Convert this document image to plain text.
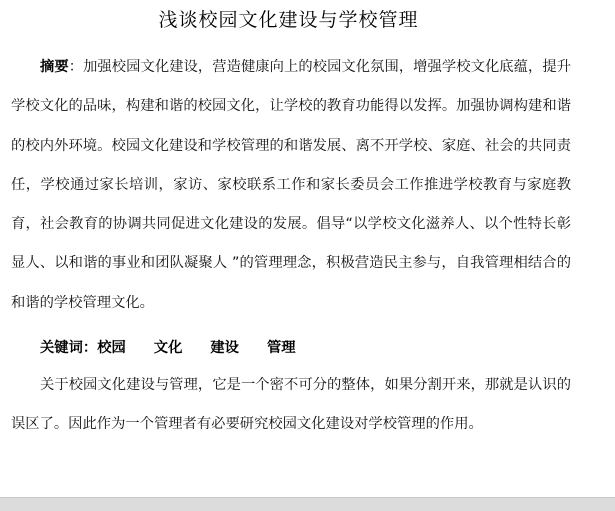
浅谈校园文化建设与学校管理

摘要：加强校园文化建设，营造健康向上的校园文化氛围，增强学校文化底蕴，提升学校文化的品味，构建和谐的校园文化，让学校的教育功能得以发挥。加强协调构建和谐的校内外环境。校园文化建设和学校管理的和谐发展、离不开学校、家庭、社会的共同责任，学校通过家长培训，家访、家校联系工作和家长委员会工作推进学校教育与家庭教育，社会教育的协调共同促进文化建设的发展。倡导“以学校文化滋养人、以个性特长彰显人、以和谐的事业和团队凝聚人 ”的管理理念，积极营造民主参与，自我管理相结合的和谐的学校管理文化。

关键词：校园 文化 建设 管理

关于校园文化建设与管理，它是一个密不可分的整体，如果分割开来，那就是认识的误区了。因此作为一个管理者有必要研究校园文化建设对学校管理的作用。
